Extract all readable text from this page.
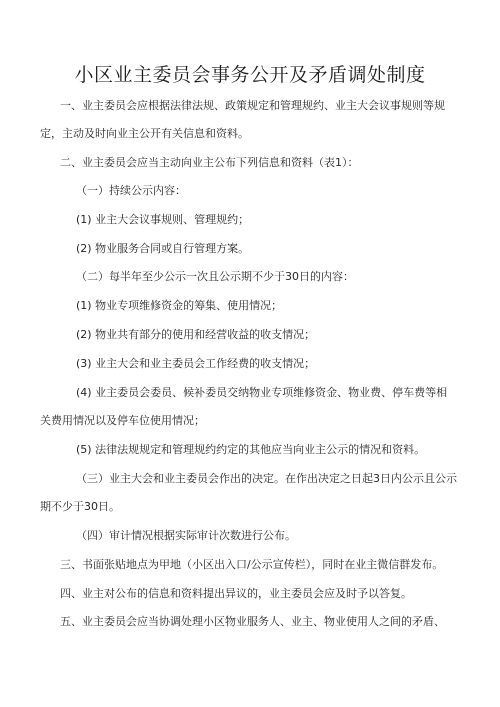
小区业主委员会事务公开及矛盾调处制度

一、业主委员会应根据法律法规、政策规定和管理规约、业主大会议事规则等规

定，主动及时向业主公开有关信息和资料。

二、业主委员会应当主动向业主公布下列信息和资料（表1）：

（一）持续公示内容：

(1) 业主大会议事规则、管理规约；

(2) 物业服务合同或自行管理方案。

（二）每半年至少公示一次且公示期不少于30日的内容：

(1) 物业专项维修资金的筹集、使用情况；

(2) 物业共有部分的使用和经营收益的收支情况；

(3) 业主大会和业主委员会工作经费的收支情况；

(4) 业主委员会委员、候补委员交纳物业专项维修资金、物业费、停车费等相

关费用情况以及停车位使用情况；

(5) 法律法规规定和管理规约约定的其他应当向业主公示的情况和资料。

（三）业主大会和业主委员会作出的决定。在作出决定之日起3日内公示且公示

期不少于30日。

（四）审计情况根据实际审计次数进行公布。

三、书面张贴地点为甲地（小区出入口/公示宣传栏），同时在业主微信群发布。

四、业主对公布的信息和资料提出异议的，业主委员会应及时予以答复。

五、业主委员会应当协调处理小区物业服务人、业主、物业使用人之间的矛盾、
